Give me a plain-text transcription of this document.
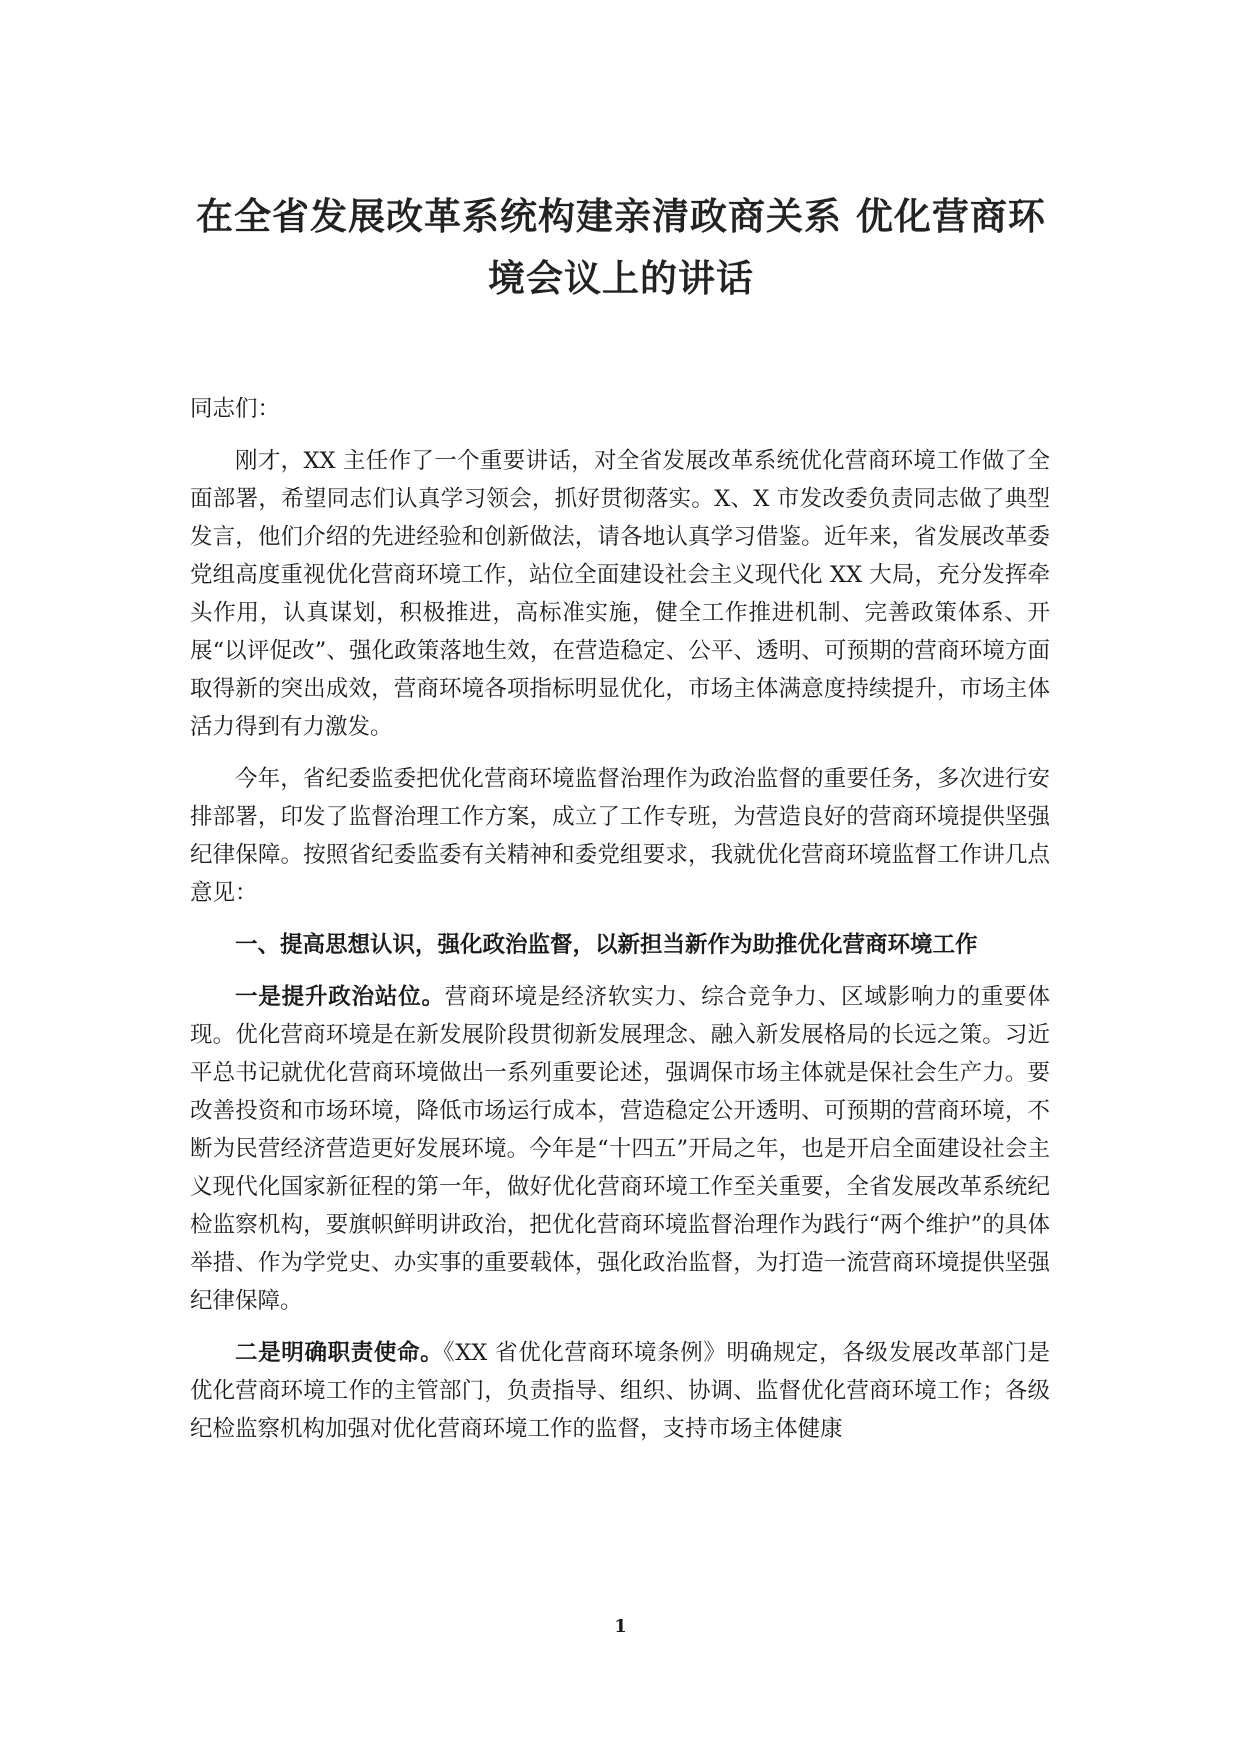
在全省发展改革系统构建亲清政商关系 优化营商环
境会议上的讲话

同志们：

刚才，XX 主任作了一个重要讲话，对全省发展改革系统优化营商环境工作做了全面部署，希望同志们认真学习领会，抓好贯彻落实。X、X 市发改委负责同志做了典型发言，他们介绍的先进经验和创新做法，请各地认真学习借鉴。近年来，省发展改革委党组高度重视优化营商环境工作，站位全面建设社会主义现代化 XX 大局，充分发挥牵头作用，认真谋划，积极推进，高标准实施，健全工作推进机制、完善政策体系、开展“以评促改”、强化政策落地生效，在营造稳定、公平、透明、可预期的营商环境方面取得新的突出成效，营商环境各项指标明显优化，市场主体满意度持续提升，市场主体活力得到有力激发。

今年，省纪委监委把优化营商环境监督治理作为政治监督的重要任务，多次进行安排部署，印发了监督治理工作方案，成立了工作专班，为营造良好的营商环境提供坚强纪律保障。按照省纪委监委有关精神和委党组要求，我就优化营商环境监督工作讲几点意见：

一、提高思想认识，强化政治监督，以新担当新作为助推优化营商环境工作

一是提升政治站位。营商环境是经济软实力、综合竞争力、区域影响力的重要体现。优化营商环境是在新发展阶段贯彻新发展理念、融入新发展格局的长远之策。习近平总书记就优化营商环境做出一系列重要论述，强调保市场主体就是保社会生产力。要改善投资和市场环境，降低市场运行成本，营造稳定公开透明、可预期的营商环境，不断为民营经济营造更好发展环境。今年是“十四五”开局之年，也是开启全面建设社会主义现代化国家新征程的第一年，做好优化营商环境工作至关重要，全省发展改革系统纪检监察机构，要旗帜鲜明讲政治，把优化营商环境监督治理作为践行“两个维护”的具体举措、作为学党史、办实事的重要载体，强化政治监督，为打造一流营商环境提供坚强纪律保障。

二是明确职责使命。《XX 省优化营商环境条例》明确规定，各级发展改革部门是优化营商环境工作的主管部门，负责指导、组织、协调、监督优化营商环境工作；各级纪检监察机构加强对优化营商环境工作的监督，支持市场主体健康

1
